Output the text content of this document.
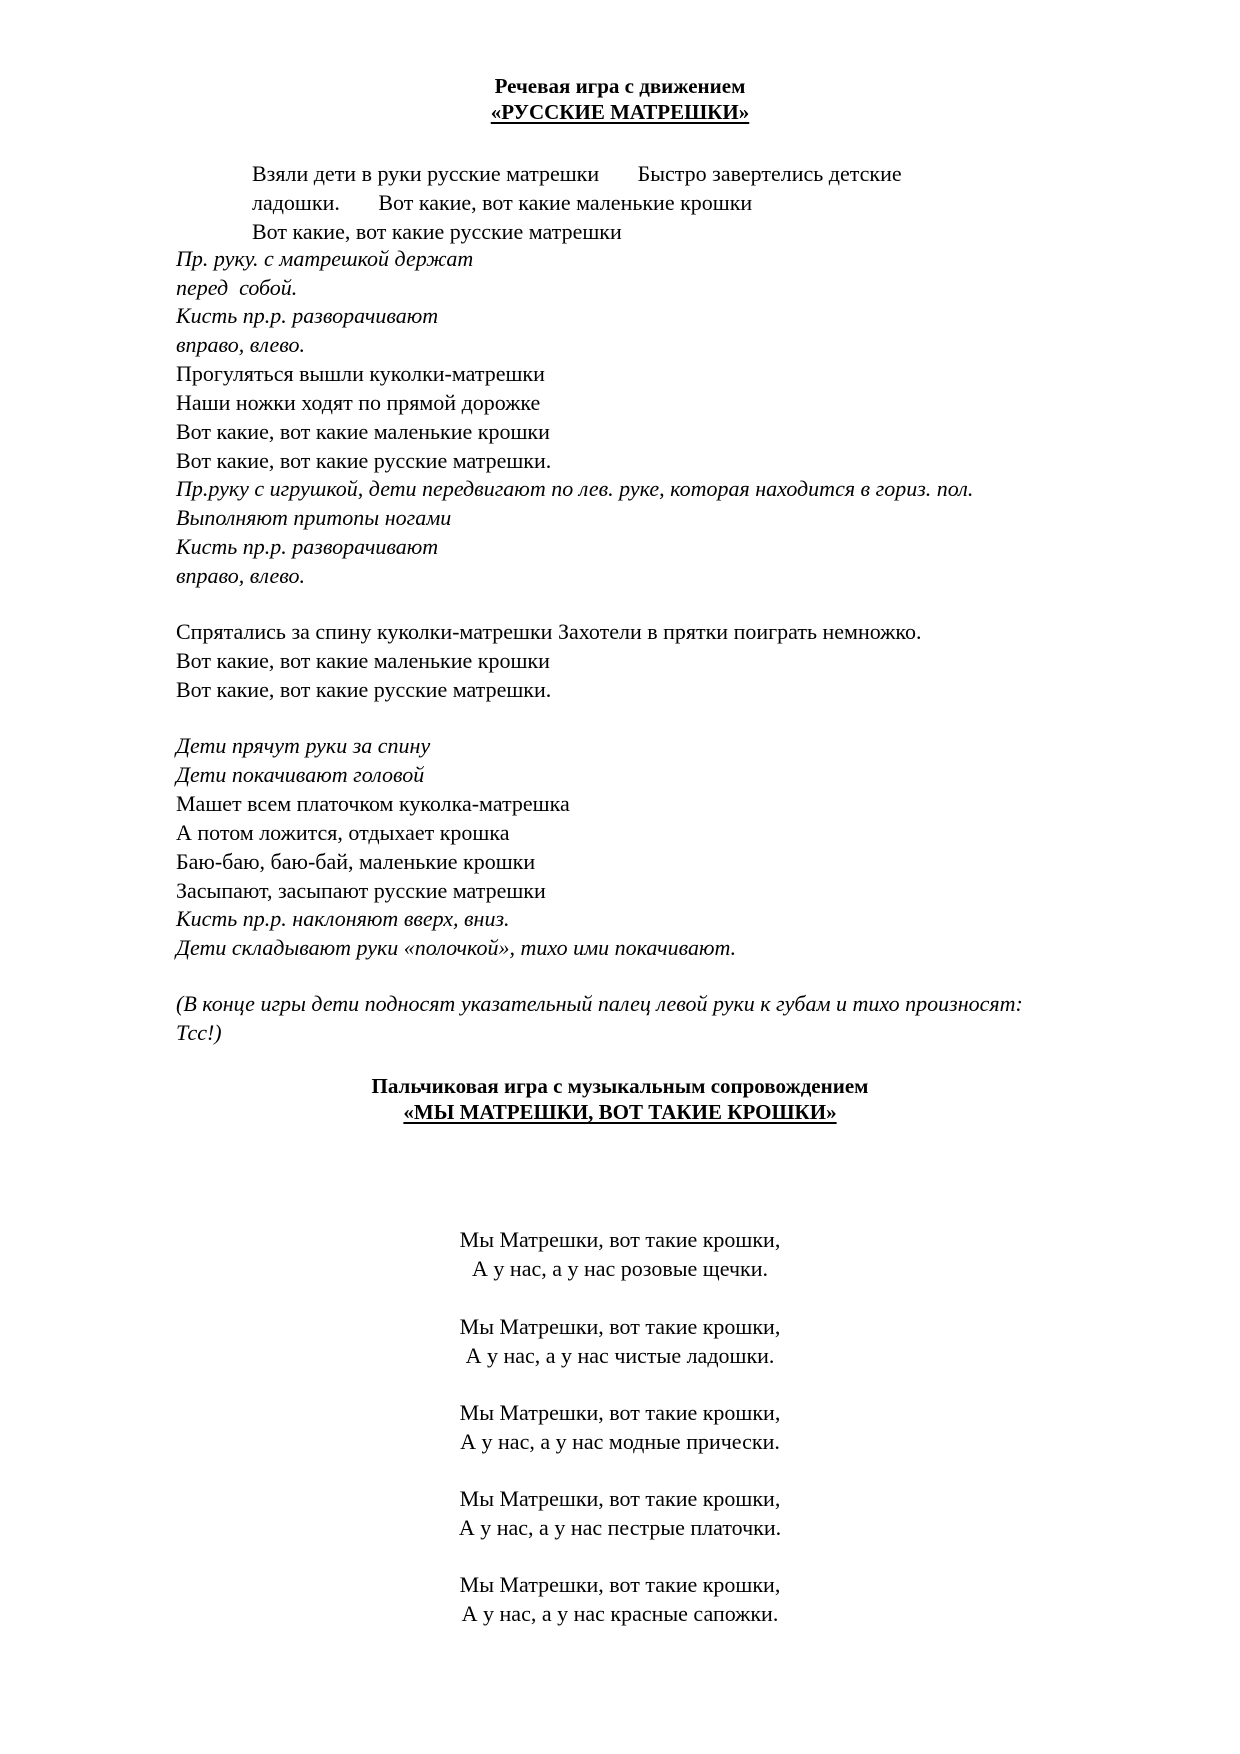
Речевая игра с движением
«РУССКИЕ МАТРЕШКИ»
Взяли дети в руки русские матрешки       Быстро завертелись детские
ладошки.       Вот какие, вот какие маленькие крошки
Вот какие, вот какие русские матрешки
Пр. руку. с матрешкой держат
перед  собой.
Кисть пр.р. разворачивают
вправо, влево.
Прогуляться вышли куколки-матрешки
Наши ножки ходят по прямой дорожке
Вот какие, вот какие маленькие крошки
Вот какие, вот какие русские матрешки.
Пр.руку с игрушкой, дети передвигают по лев. руке, которая находится в гориз. пол.
Выполняют притопы ногами
Кисть пр.р. разворачивают
вправо, влево.
Спрятались за спину куколки-матрешки Захотели в прятки поиграть немножко.
Вот какие, вот какие маленькие крошки
Вот какие, вот какие русские матрешки.
Дети прячут руки за спину
Дети покачивают головой
Машет всем платочком куколка-матрешка
А потом ложится, отдыхает крошка
Баю-баю, баю-бай, маленькие крошки
Засыпают, засыпают русские матрешки
Кисть пр.р. наклоняют вверх, вниз.
Дети складывают руки «полочкой», тихо ими покачивают.
(В конце игры дети подносят указательный палец левой руки к губам и тихо произносят:
Тсс!)
Пальчиковая игра с музыкальным сопровождением
«МЫ МАТРЕШКИ, ВОТ ТАКИЕ КРОШКИ»
Мы Матрешки, вот такие крошки,
А у нас, а у нас розовые щечки.
Мы Матрешки, вот такие крошки,
А у нас, а у нас чистые ладошки.
Мы Матрешки, вот такие крошки,
А у нас, а у нас модные прически.
Мы Матрешки, вот такие крошки,
А у нас, а у нас пестрые платочки.
Мы Матрешки, вот такие крошки,
А у нас, а у нас красные сапожки.
